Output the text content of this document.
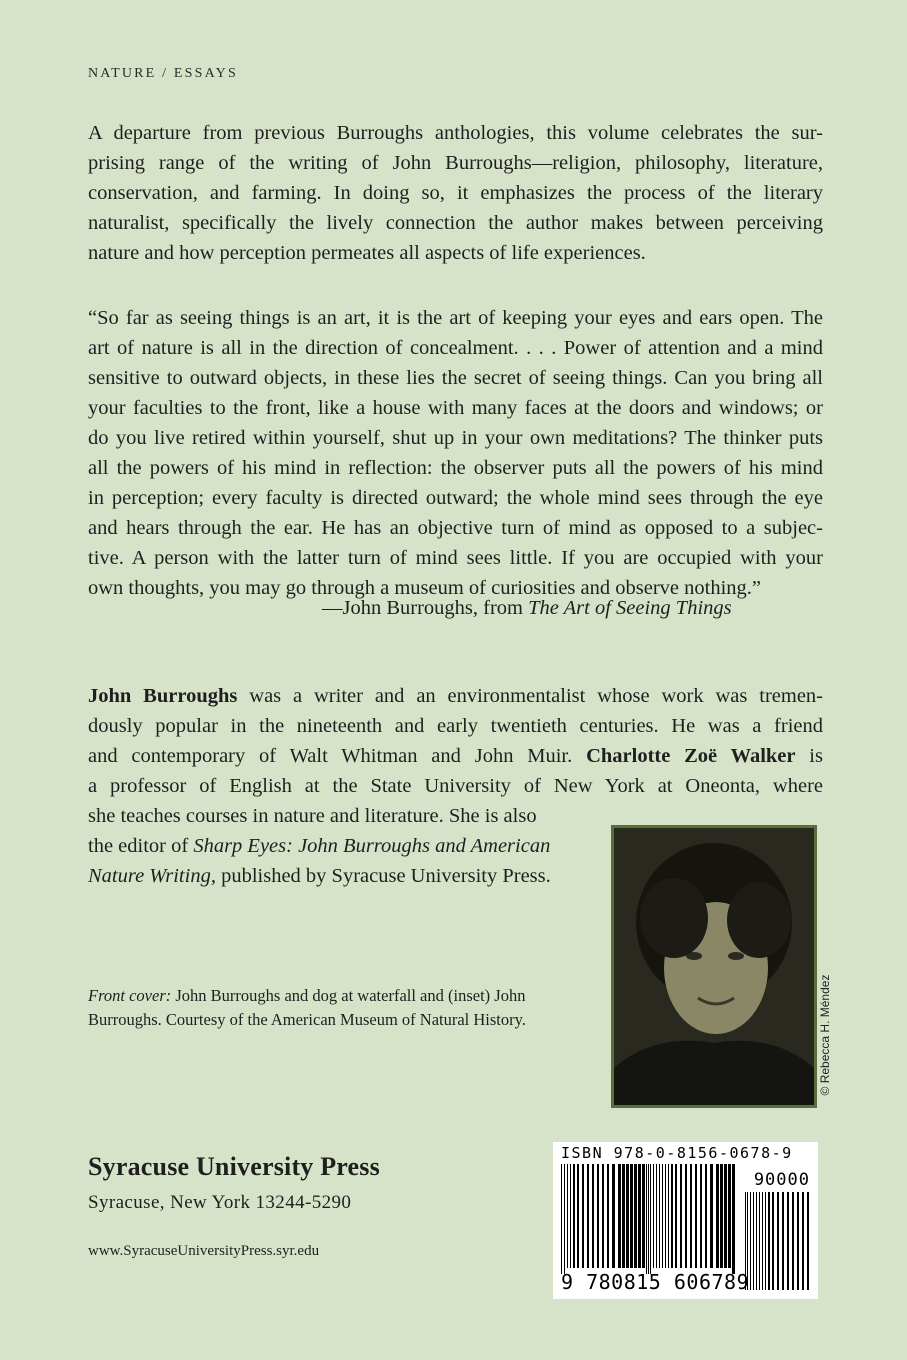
NATURE / ESSAYS

A departure from previous Burroughs anthologies, this volume celebrates the sur-
prising range of the writing of John Burroughs—religion, philosophy, literature,
conservation, and farming. In doing so, it emphasizes the process of the literary
naturalist, specifically the lively connection the author makes between perceiving
nature and how perception permeates all aspects of life experiences.

“So far as seeing things is an art, it is the art of keeping your eyes and ears open. The
art of nature is all in the direction of concealment. . . . Power of attention and a mind
sensitive to outward objects, in these lies the secret of seeing things. Can you bring all
your faculties to the front, like a house with many faces at the doors and windows; or
do you live retired within yourself, shut up in your own meditations? The thinker puts
all the powers of his mind in reflection: the observer puts all the powers of his mind
in perception; every faculty is directed outward; the whole mind sees through the eye
and hears through the ear. He has an objective turn of mind as opposed to a subjec-
tive. A person with the latter turn of mind sees little. If you are occupied with your
own thoughts, you may go through a museum of curiosities and observe nothing.”

—John Burroughs, from The Art of Seeing Things

John Burroughs was a writer and an environmentalist whose work was tremen-
dously popular in the nineteenth and early twentieth centuries. He was a friend
and contemporary of Walt Whitman and John Muir. Charlotte Zoë Walker is
a professor of English at the State University of New York at Oneonta, where

she teaches courses in nature and literature. She is also
the editor of Sharp Eyes: John Burroughs and American
Nature Writing, published by Syracuse University Press.

© Rebecca H. Méndez

Front cover: John Burroughs and dog at waterfall and (inset) John
Burroughs. Courtesy of the American Museum of Natural History.

Syracuse University Press
Syracuse, New York 13244-5290
www.SyracuseUniversityPress.syr.edu
ISBN 978-0-8156-0678-9
90000
9 780815 606789
